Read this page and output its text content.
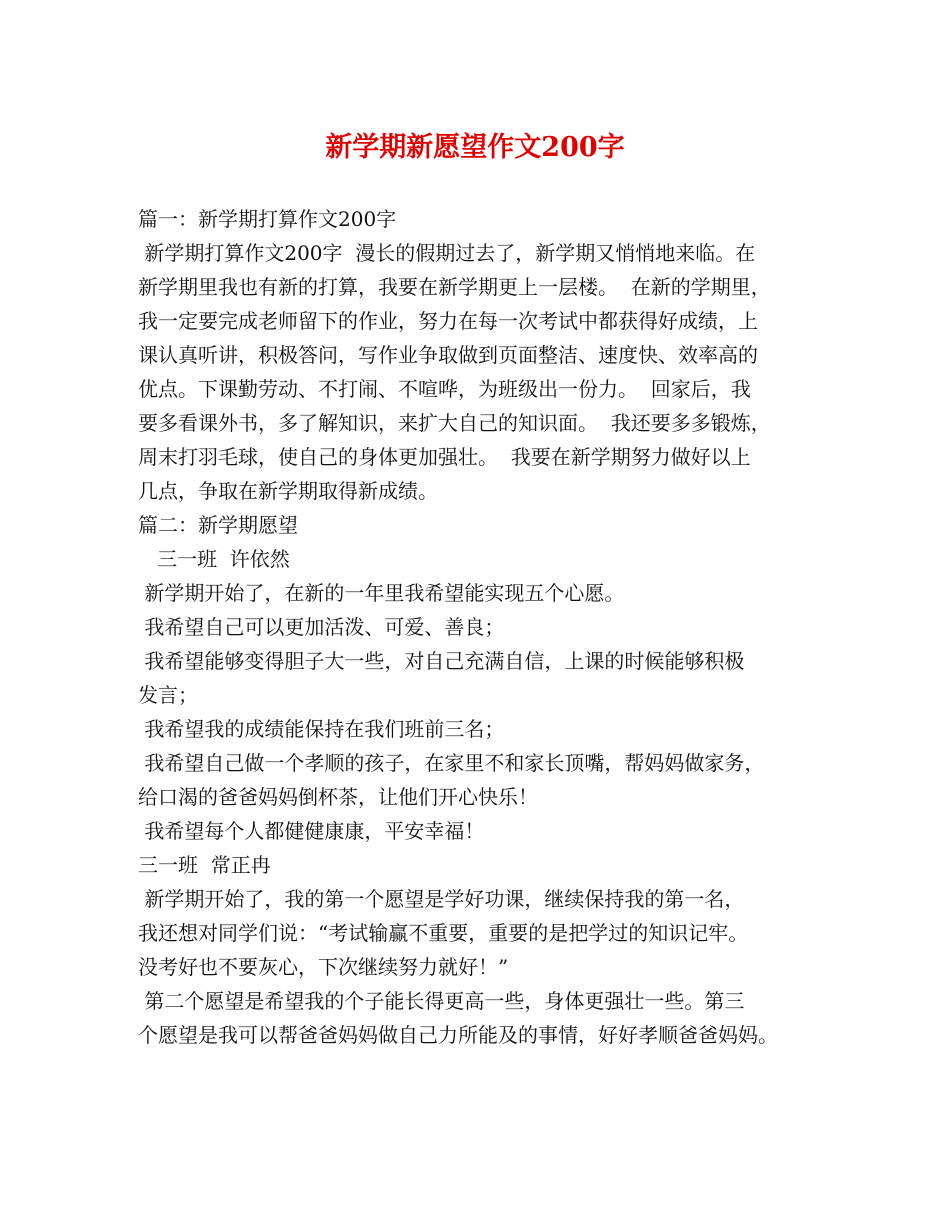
新学期新愿望作文200字
篇一：新学期打算作文200字
新学期打算作文200字  漫长的假期过去了，新学期又悄悄地来临。在
新学期里我也有新的打算，我要在新学期更上一层楼。  在新的学期里，
我一定要完成老师留下的作业，努力在每一次考试中都获得好成绩，上
课认真听讲，积极答问，写作业争取做到页面整洁、速度快、效率高的
优点。下课勤劳动、不打闹、不喧哗，为班级出一份力。  回家后，我
要多看课外书，多了解知识，来扩大自己的知识面。  我还要多多锻炼，
周末打羽毛球，使自己的身体更加强壮。  我要在新学期努力做好以上
几点，争取在新学期取得新成绩。
篇二：新学期愿望
三一班  许依然
新学期开始了，在新的一年里我希望能实现五个心愿。
我希望自己可以更加活泼、可爱、善良；
我希望能够变得胆子大一些，对自己充满自信，上课的时候能够积极
发言；
我希望我的成绩能保持在我们班前三名；
我希望自己做一个孝顺的孩子，在家里不和家长顶嘴，帮妈妈做家务，
给口渴的爸爸妈妈倒杯茶，让他们开心快乐！
我希望每个人都健健康康，平安幸福！
三一班  常正冉
新学期开始了，我的第一个愿望是学好功课，继续保持我的第一名，
我还想对同学们说：“考试输赢不重要，重要的是把学过的知识记牢。
没考好也不要灰心，下次继续努力就好！”
第二个愿望是希望我的个子能长得更高一些，身体更强壮一些。第三
个愿望是我可以帮爸爸妈妈做自己力所能及的事情，好好孝顺爸爸妈妈。
